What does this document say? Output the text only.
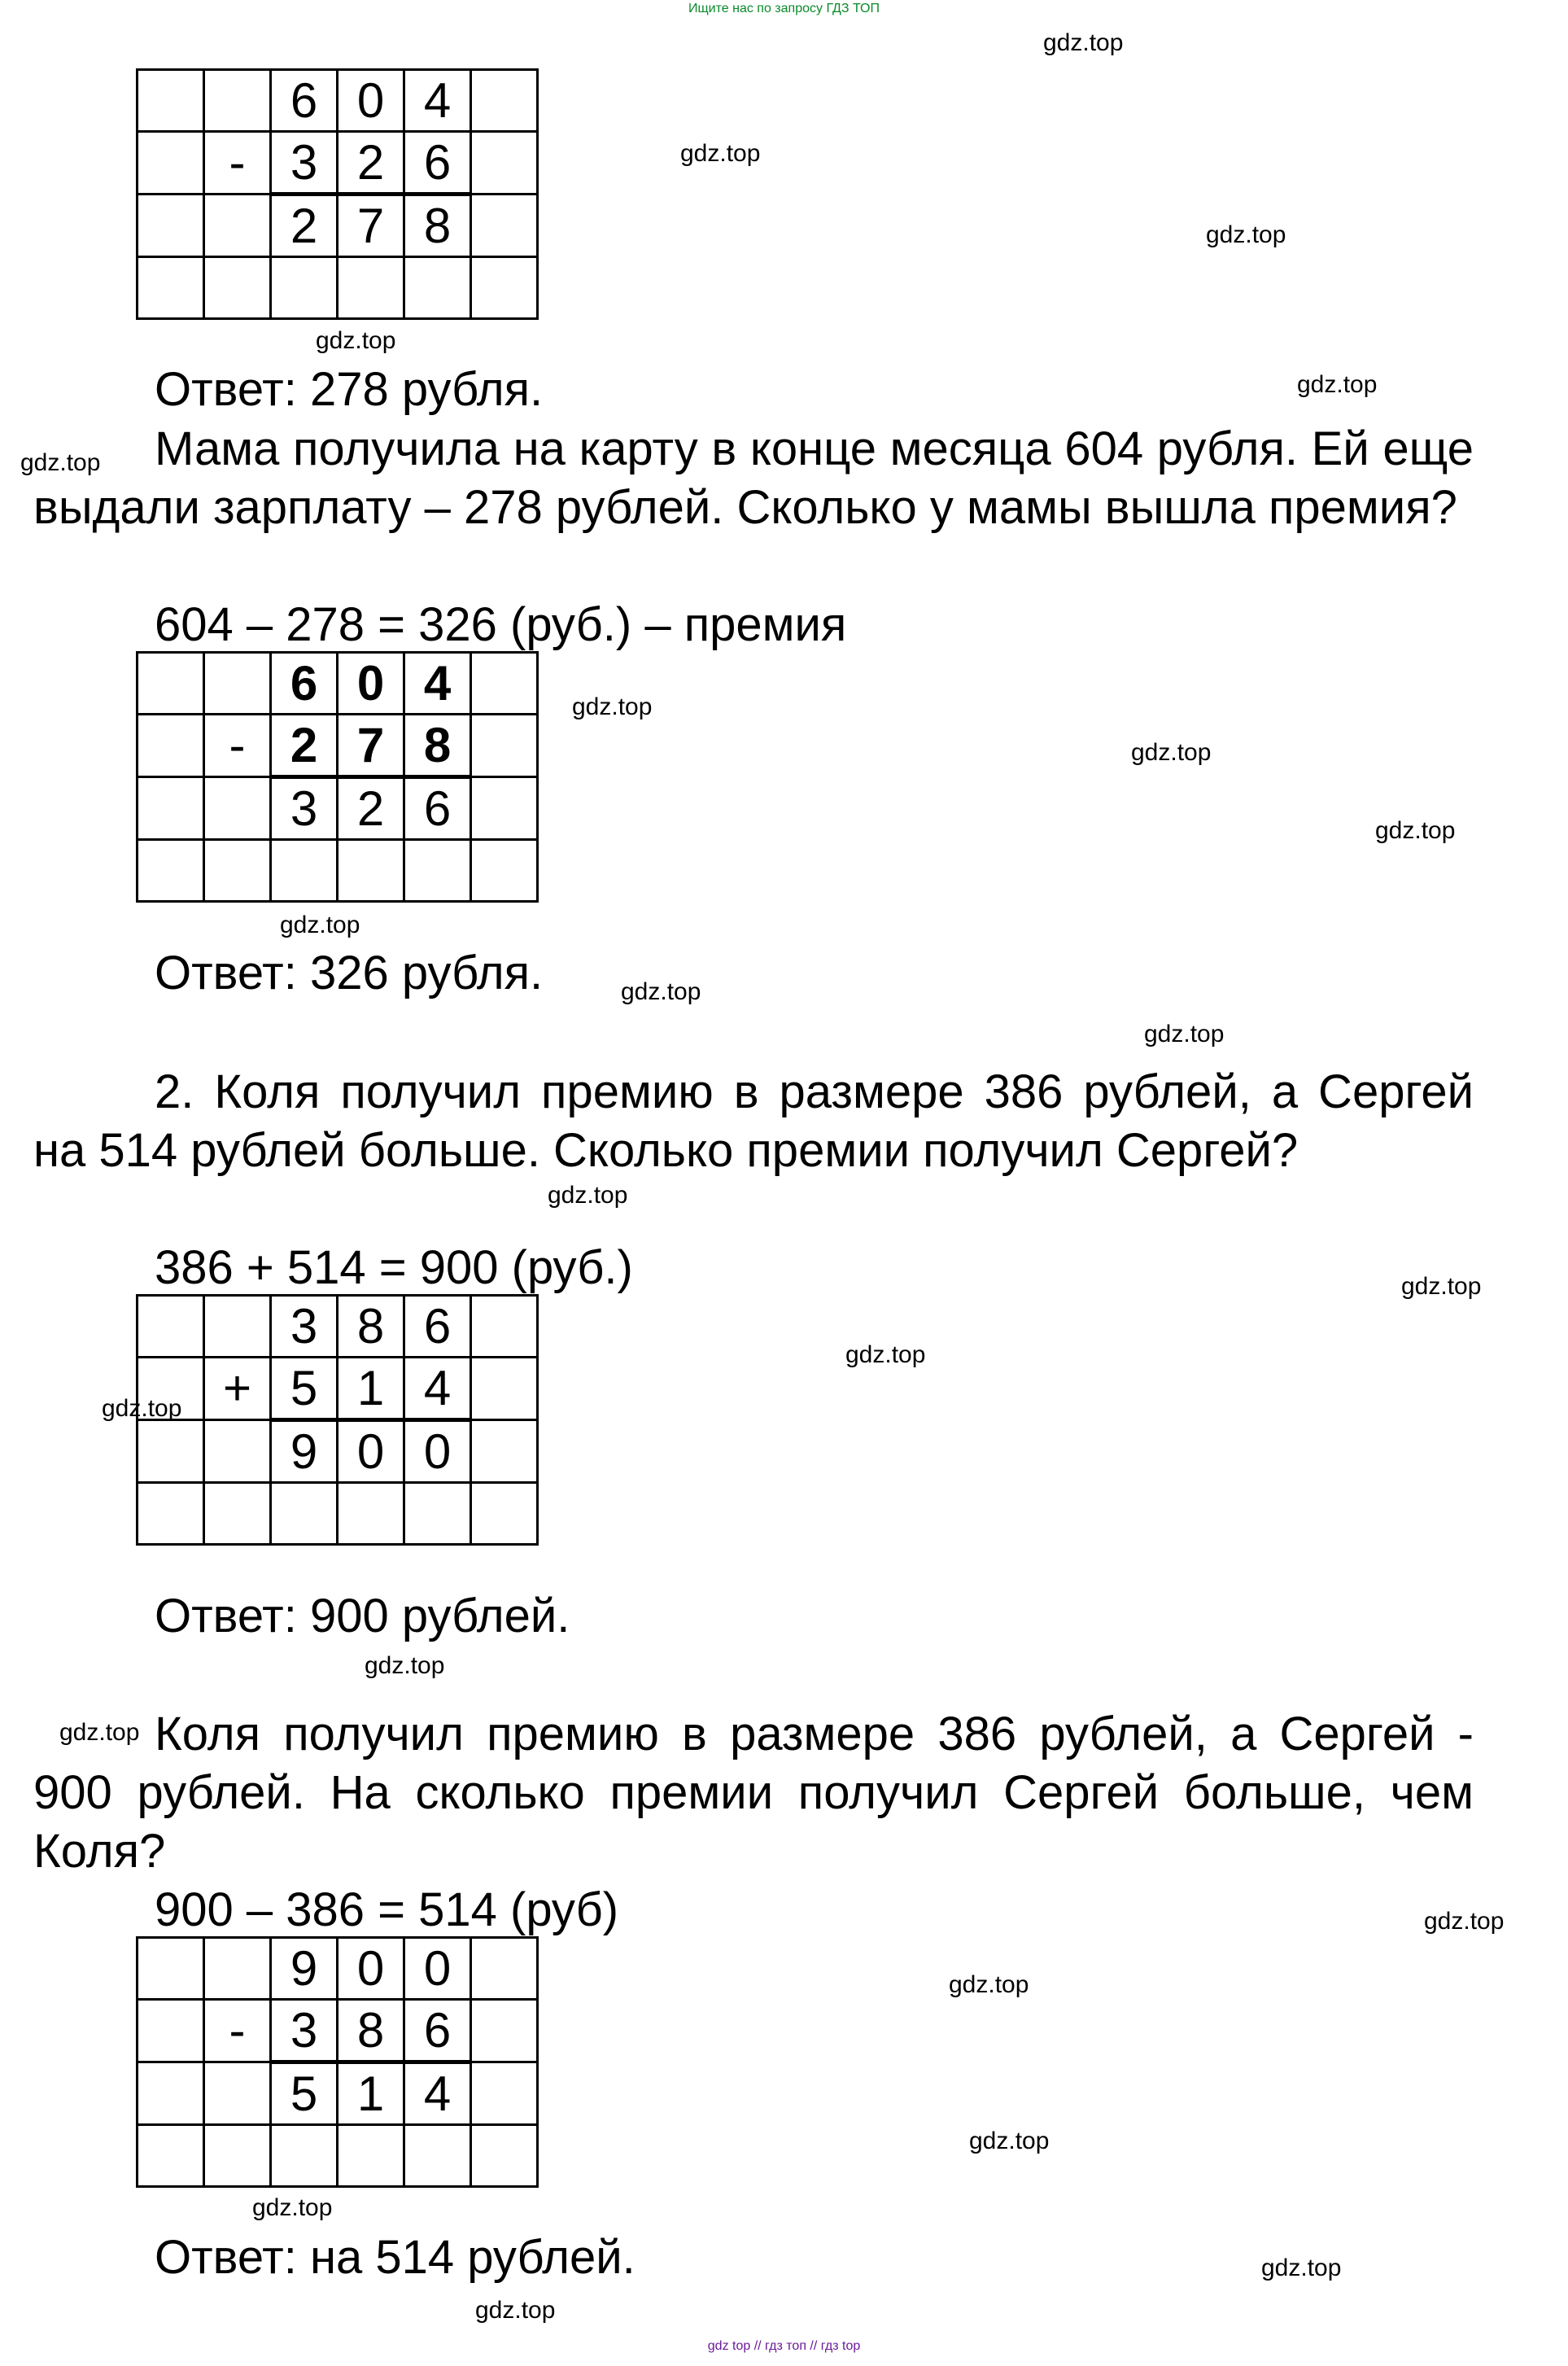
Ищите нас по запросу ГДЗ ТОП
		6	0	4	
	-	3	2	6	
		2	7	8	

Ответ: 278 рубля.
Мама получила на карту в конце месяца 604 рубля. Ей еще выдали зарплату – 278 рублей. Сколько у мамы вышла премия?
604 – 278 = 326 (руб.) – премия
		6	0	4	
	-	2	7	8	
		3	2	6	

Ответ: 326 рубля.
2. Коля получил премию в размере 386 рублей, а Сергей на 514 рублей больше. Сколько премии получил Сергей?
386 + 514 = 900 (руб.)
		3	8	6	
	+	5	1	4	
		9	0	0	

Ответ: 900 рублей.
Коля получил премию в размере 386 рублей, а Сергей - 900 рублей. На сколько премии получил Сергей больше, чем Коля?
900 – 386 = 514 (руб)
		9	0	0	
	-	3	8	6	
		5	1	4	

Ответ: на 514 рублей.
gdz.top
gdz.top
gdz.top
gdz.top
gdz.top
gdz.top
gdz.top
gdz.top
gdz.top
gdz.top
gdz.top
gdz.top
gdz.top
gdz.top
gdz.top
gdz.top
gdz.top
gdz.top
gdz.top
gdz.top
gdz.top
gdz.top
gdz.top
gdz.top
gdz top // гдз топ // гдз top
